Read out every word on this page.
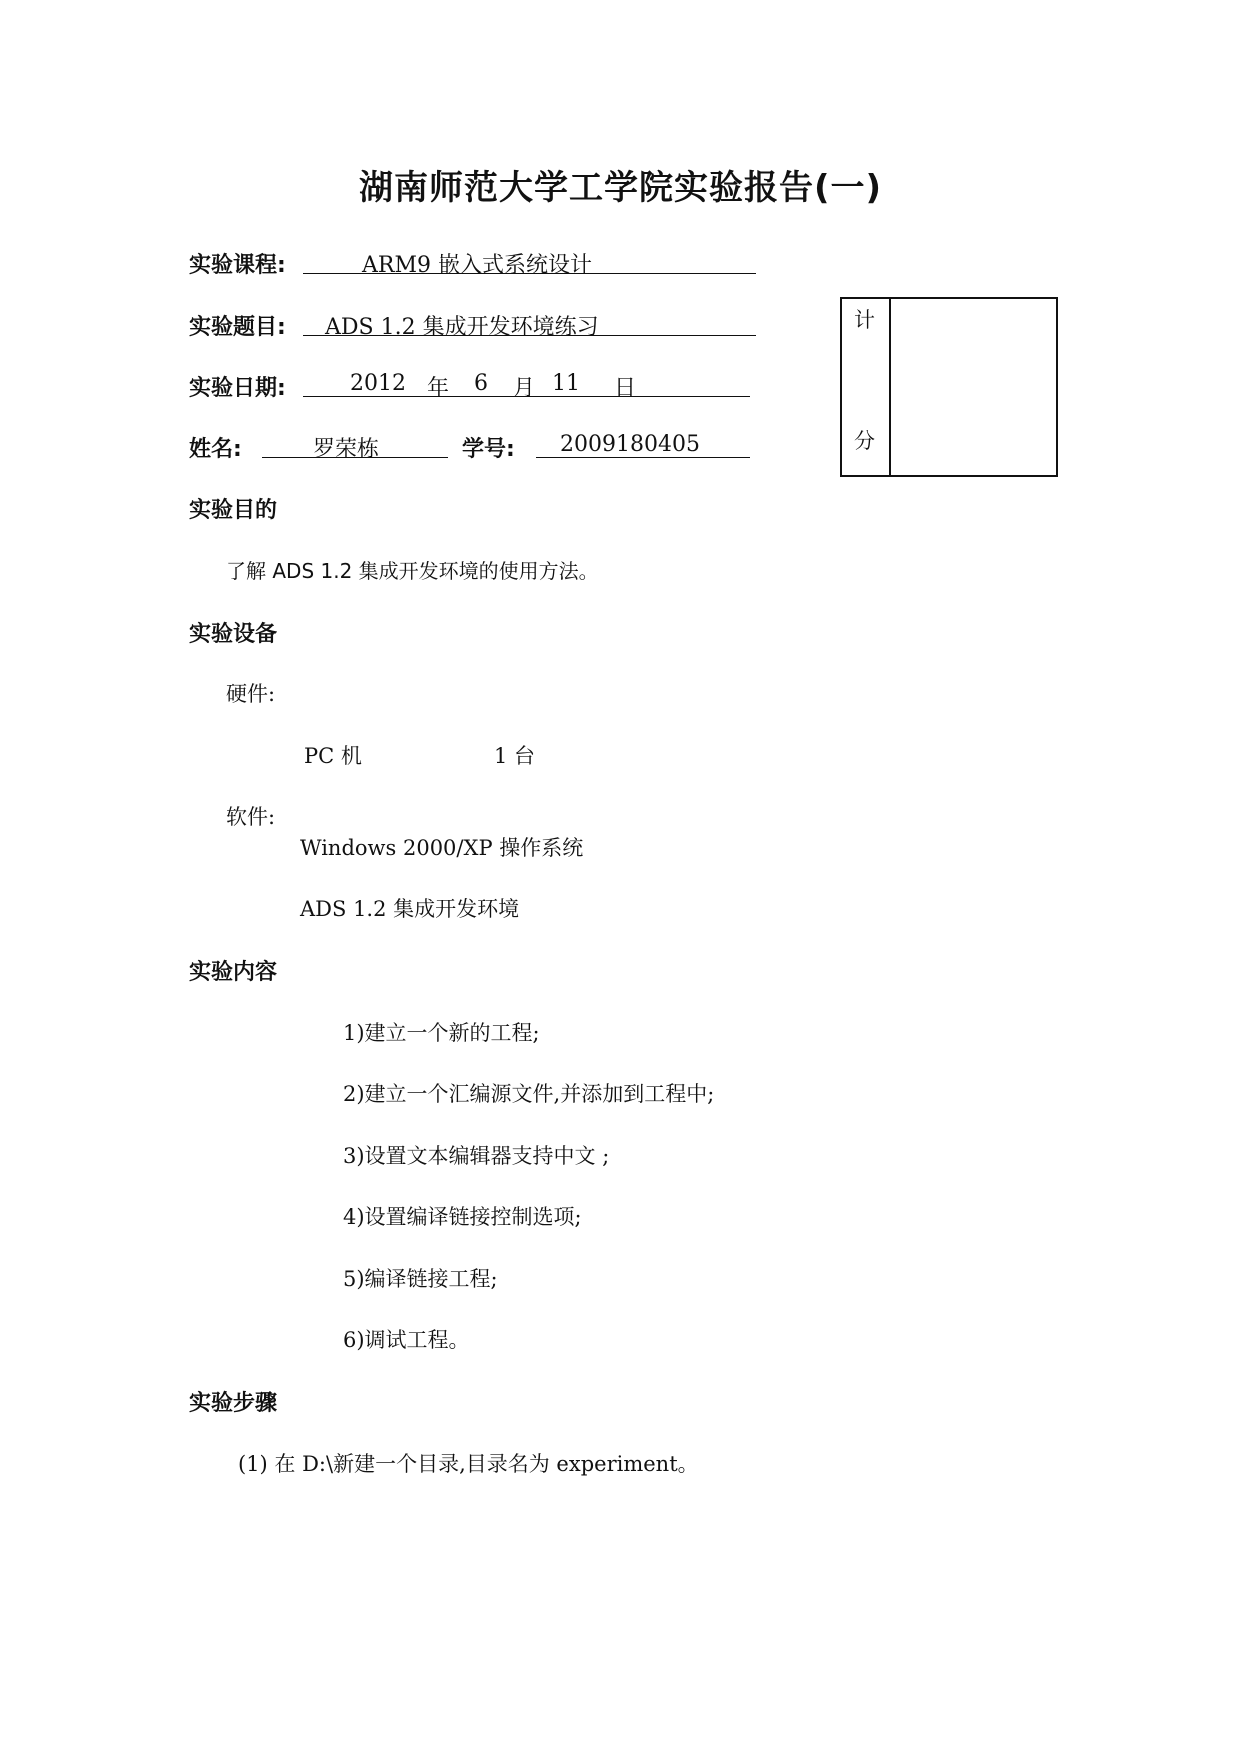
湖南师范大学工学院实验报告(一)
实验课程:	ARM9 嵌入式系统设计
实验题目: ADS 1.2 集成开发环境练习
实验日期:	2012 年 6 月 11 日
姓名:	罗荣栋	学号: 2009180405
计
分
实验目的
了解 ADS 1.2 集成开发环境的使用方法。
实验设备
硬件:
PC 机	1 台
软件:
Windows 2000/XP 操作系统
ADS 1.2 集成开发环境
实验内容
1)建立一个新的工程;
2)建立一个汇编源文件,并添加到工程中;
3)设置文本编辑器支持中文 ;
4)设置编译链接控制选项;
5)编译链接工程;
6)调试工程。
实验步骤
(1) 在 D:\新建一个目录,目录名为 experiment。
